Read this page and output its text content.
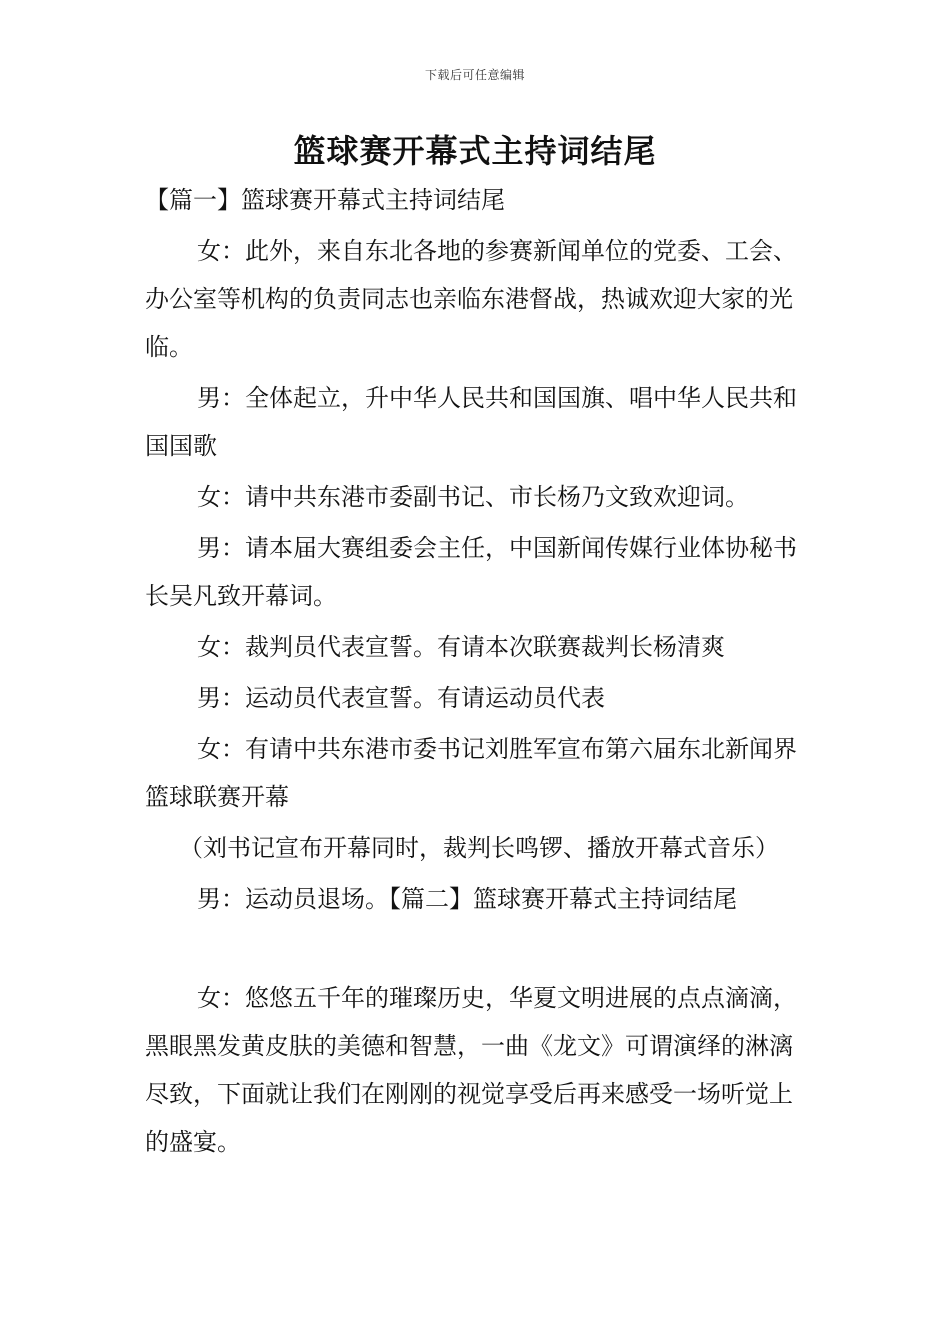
下载后可任意编辑
篮球赛开幕式主持词结尾

【篇一】篮球赛开幕式主持词结尾

女：此外，来自东北各地的参赛新闻单位的党委、工会、办公室等机构的负责同志也亲临东港督战，热诚欢迎大家的光临。

男：全体起立，升中华人民共和国国旗、唱中华人民共和国国歌

女：请中共东港市委副书记、市长杨乃文致欢迎词。

男：请本届大赛组委会主任，中国新闻传媒行业体协秘书长吴凡致开幕词。

女：裁判员代表宣誓。有请本次联赛裁判长杨清爽

男：运动员代表宣誓。有请运动员代表

女：有请中共东港市委书记刘胜军宣布第六届东北新闻界篮球联赛开幕

（刘书记宣布开幕同时，裁判长鸣锣、播放开幕式音乐）

男：运动员退场。【篇二】篮球赛开幕式主持词结尾

女：悠悠五千年的璀璨历史，华夏文明进展的点点滴滴，黑眼黑发黄皮肤的美德和智慧，一曲《龙文》可谓演绎的淋漓尽致，下面就让我们在刚刚的视觉享受后再来感受一场听觉上的盛宴。
